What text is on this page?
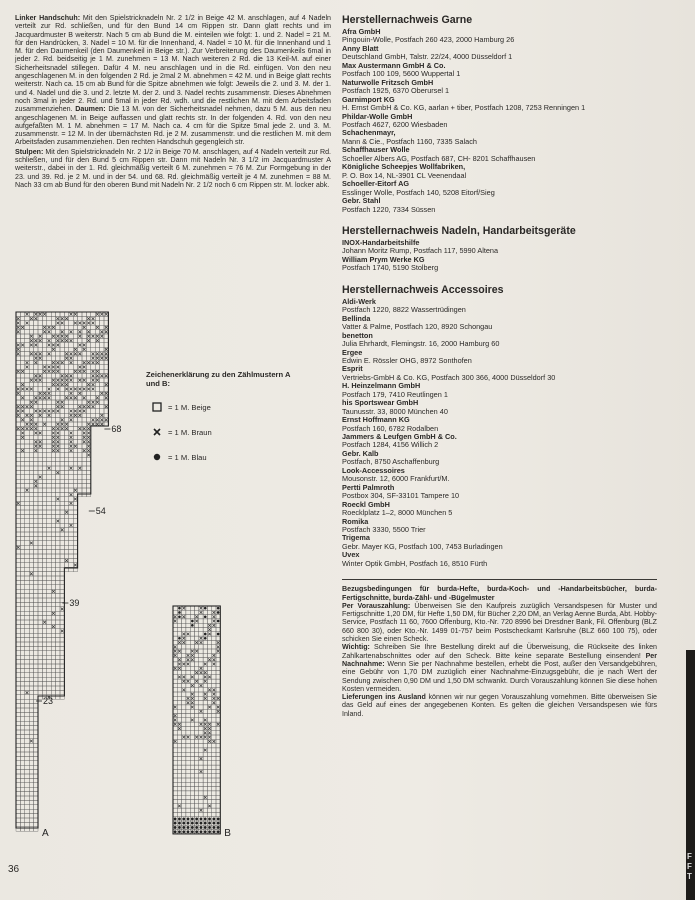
Linker Handschuh: Mit den Spielstricknadeln Nr. 2 1/2 in Beige 42 M. anschlagen, auf 4 Nadeln verteilt zur Rd. schließen, und für den Bund 14 cm Rippen str. Dann glatt rechts und im Jacquardmuster B weiterstr. Nach 5 cm ab Bund die M. einteilen wie folgt: 1. und 2. Nadel = 21 M. für den Handrücken, 3. Nadel = 10 M. für die Innenhand, 4. Nadel = 10 M. für die Innenhand und 1 M. für den Daumenkeil (den Daumenkeil in Beige str.). Zur Verbreiterung des Daumenkeils 6mal in jeder 2. Rd. beidseitig je 1 M. zunehmen = 13 M. Nach weiteren 2 Rd. die 13 Keil-M. auf einer Sicherheitsnadel stillegen. Dafür 4 M. neu anschlagen und in die Rd. einfügen. Von den neu angeschlagenen M. in den folgenden 2 Rd. je 2mal 2 M. abnehmen = 42 M. und in Beige glatt rechts weiterstr. Nach ca. 15 cm ab Bund für die Spitze abnehmen wie folgt: Jeweils die 2. und 3. M. der 1. und 4. Nadel und die 3. und 2. letzte M. der 2. und 3. Nadel rechts zusammenstr. Dieses Abnehmen noch 3mal in jeder 2. Rd. und 5mal in jeder Rd. wdh. und die restlichen M. mit dem Arbeitsfaden zusammenziehen. Daumen: Die 13 M. von der Sicherheitsnadel nehmen, dazu 5 M. aus den neu angeschlagenen M. in Beige auffassen und glatt rechts str. In der folgenden 4. Rd. von den neu aufgefaßten M. 1 M. abnehmen = 17 M. Nach ca. 4 cm für die Spitze 5mal jede 2. und 3. M. zusammenstr. = 12 M. In der übernächsten Rd. je 2 M. zusammenstr. und die restlichen M. mit dem Arbeitsfaden zusammenziehen. Den rechten Handschuh gegengleich str.

Stulpen: Mit den Spielstricknadeln Nr. 2 1/2 in Beige 70 M. anschlagen, auf 4 Nadeln verteilt zur Rd. schließen, und für den Bund 5 cm Rippen str. Dann mit Nadeln Nr. 3 1/2 im Jacquardmuster A weiterstr., dabei in der 1. Rd. gleichmäßig verteilt 6 M. zunehmen = 76 M. Zur Formgebung in der 23. und 39. Rd. je 2 M. und in der 54. und 68. Rd. gleichmäßig verteilt je 4 M. zunehmen = 88 M. Nach 33 cm ab Bund für den oberen Bund mit Nadeln Nr. 2 1/2 noch 6 cm Rippen str. M. locker abk.

68
54
39
23
A	B
Zeichenerklärung zu den Zählmustern A und B:
= 1 M. Beige
= 1 M. Braun
= 1 M. Blau
36
Herstellernachweis Garne
Afra GmbH
Pingouin-Wolle, Postfach 260 423, 2000 Hamburg 26
Anny Blatt
Deutschland GmbH, Talstr. 22/24, 4000 Düsseldorf 1
Max Austermann GmbH & Co.
Postfach 100 109, 5600 Wuppertal 1
Naturwolle Fritzsch GmbH
Postfach 1925, 6370 Oberursel 1
Garnimport KG
H. Ernst GmbH & Co. KG, aarlan + tiber, Postfach 1208, 7253 Renningen 1
Phildar-Wolle GmbH
Postfach 4627, 6200 Wiesbaden
Schachenmayr,
Mann & Cie., Postfach 1160, 7335 Salach
Schaffhauser Wolle
Schoeller Albers AG, Postfach 687, CH- 8201 Schaffhausen
Königliche Scheepjes Wollfabriken,
P. O. Box 14, NL-3901 CL Veenendaal
Schoeller-Eitorf AG
Esslinger Wolle, Postfach 140, 5208 Eitorf/Sieg
Gebr. Stahl
Postfach 1220, 7334 Süssen
Herstellernachweis Nadeln, Handarbeitsgeräte
INOX-Handarbeitshilfe
Johann Moritz Rump, Postfach 117, 5990 Altena
William Prym Werke KG
Postfach 1740, 5190 Stolberg
Herstellernachweis Accessoires
Aldi-Werk
Postfach 1220, 8822 Wassertrüdingen
Bellinda
Vatter & Palme, Postfach 120, 8920 Schongau
benetton
Julia Ehrhardt, Flemingstr. 16, 2000 Hamburg 60
Ergee
Edwin E. Rössler OHG, 8972 Sonthofen
Esprit
Vertriebs-GmbH & Co. KG, Postfach 300 366, 4000 Düsseldorf 30
H. Heinzelmann GmbH
Postfach 179, 7410 Reutlingen 1
his Sportswear GmbH
Taunusstr. 33, 8000 München 40
Ernst Hoffmann KG
Postfach 160, 6782 Rodalben
Jammers & Leufgen GmbH & Co.
Postfach 1284, 4156 Willich 2
Gebr. Kalb
Postfach, 8750 Aschaffenburg
Look-Accessoires
Mousonstr. 12, 6000 Frankfurt/M.
Pertti Palmroth
Postbox 304, SF-33101 Tampere 10
Roeckl GmbH
Roecklplatz 1–2, 8000 München 5
Romika
Postfach 3330, 5500 Trier
Trigema
Gebr. Mayer KG, Postfach 100, 7453 Burladingen
Uvex
Winter Optik GmbH, Postfach 16, 8510 Fürth
Bezugsbedingungen für burda-Hefte, burda-Koch- und -Handarbeitsbücher, burda-Fertigschnitte, burda-Zähl- und -Bügelmuster
Per Vorauszahlung: Überweisen Sie den Kaufpreis zuzüglich Versandspesen für Muster und Fertigschnitte 1,20 DM, für Hefte 1,50 DM, für Bücher 2,20 DM, an Verlag Aenne Burda, Abt. Hobby-Service, Postfach 11 60, 7600 Offenburg, Kto.-Nr. 720 8996 bei Dresdner Bank, Fil. Offenburg (BLZ 660 800 30), oder Kto.-Nr. 1499 01-757 beim Postscheckamt Karlsruhe (BLZ 660 100 75), oder schicken Sie einen Scheck.
Wichtig: Schreiben Sie Ihre Bestellung direkt auf die Überweisung, die Rückseite des linken Zahlkartenabschnittes oder auf den Scheck. Bitte keine separate Bestellung einsenden! Per Nachnahme: Wenn Sie per Nachnahme bestellen, erhebt die Post, außer den Versandgebühren, eine Gebühr von 1,70 DM zuzüglich einer Nachnahme-Einzugsgebühr, die je nach Wert der Sendung zwischen 0,90 DM und 1,50 DM schwankt. Durch Vorauszahlung können Sie diese hohen Kosten vermeiden.
Lieferungen ins Ausland können wir nur gegen Vorauszahlung vornehmen. Bitte überweisen Sie das Geld auf eines der angegebenen Konten. Es gelten die gleichen Versandspesen wie fürs Inland.
F
F
T
